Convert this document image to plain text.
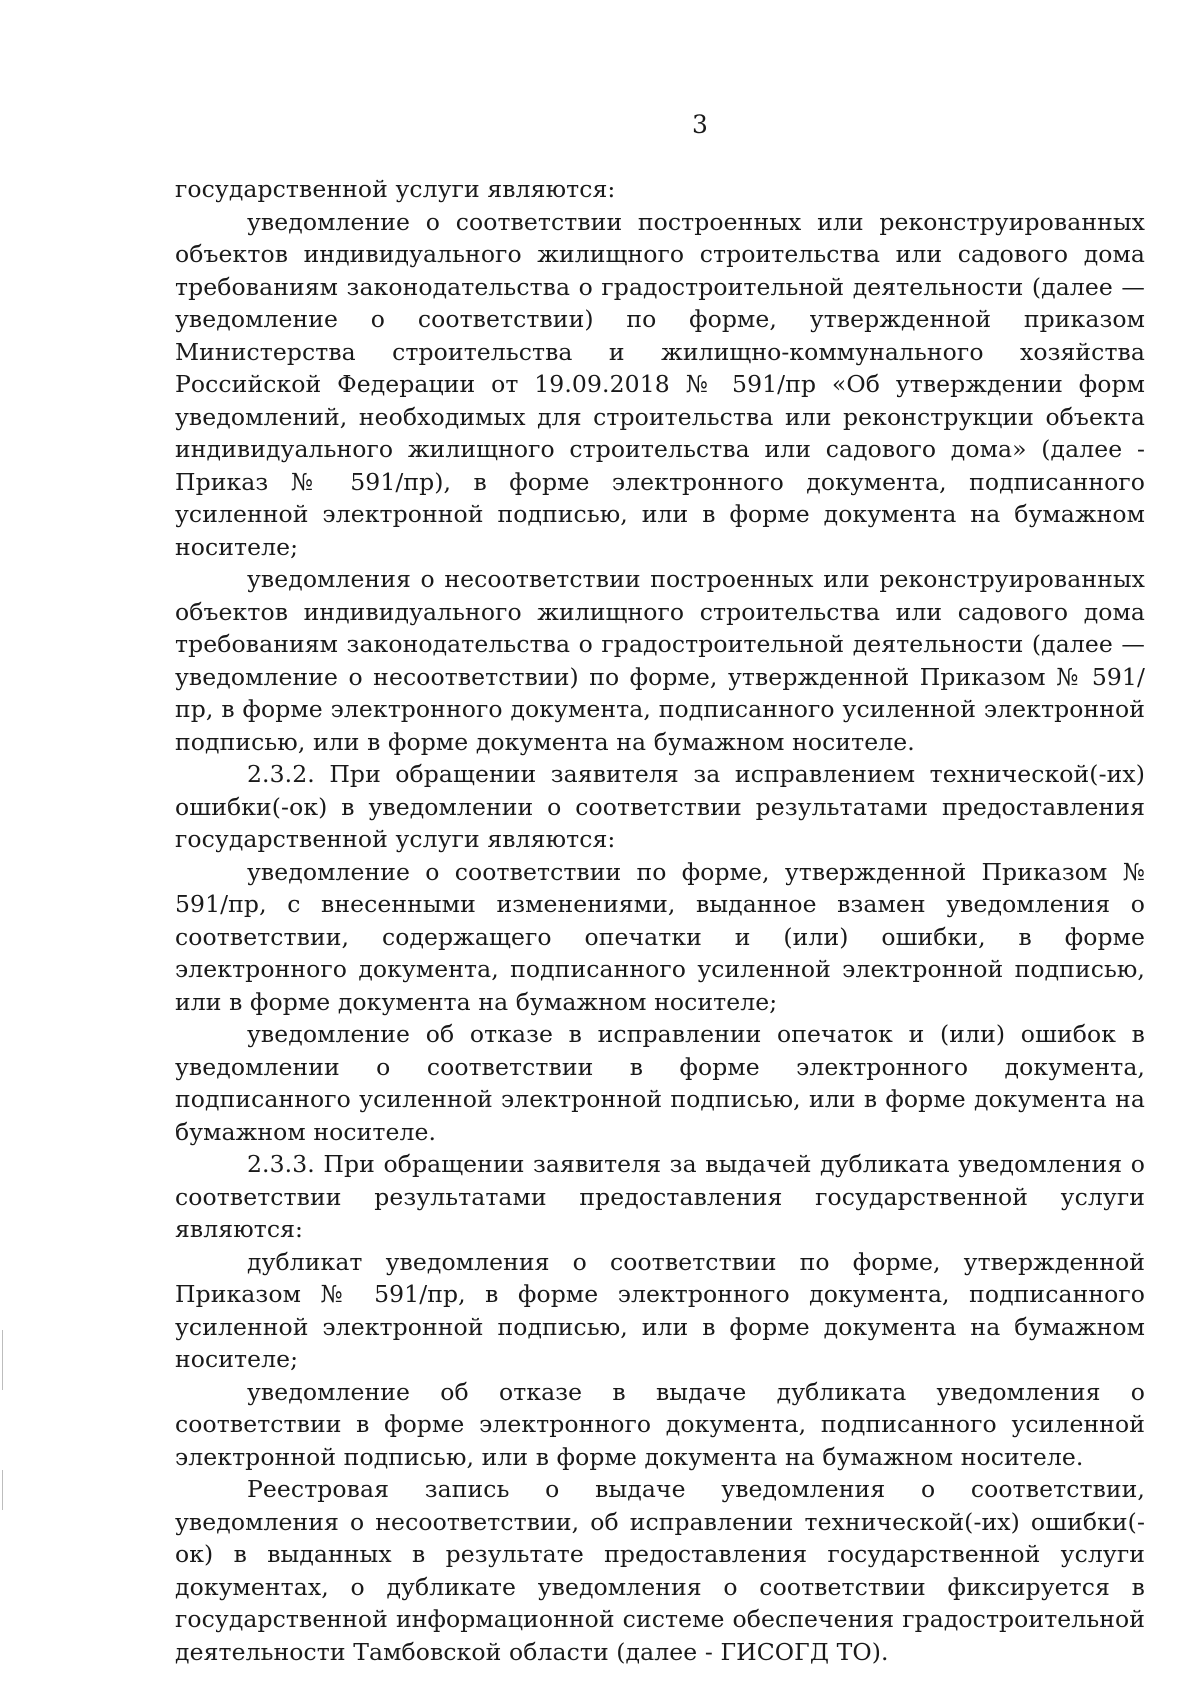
3

государственной услуги являются:

уведомление о соответствии построенных или реконструированных объектов индивидуального жилищного строительства или садового дома требованиям законодательства о градостроительной деятельности (далее — уведомление о соответствии) по форме, утвержденной приказом Министерства строительства и жилищно-коммунального хозяйства Российской Федерации от 19.09.2018 № 591/пр «Об утверждении форм уведомлений, необходимых для строительства или реконструкции объекта индивидуального жилищного строительства или садового дома» (далее - Приказ № 591/пр), в форме электронного документа, подписанного усиленной электронной подписью, или в форме документа на бумажном носителе;

уведомления о несоответствии построенных или реконструированных объектов индивидуального жилищного строительства или садового дома требованиям законодательства о градостроительной деятельности (далее — уведомление о несоответствии) по форме, утвержденной Приказом № 591/пр, в форме электронного документа, подписанного усиленной электронной подписью, или в форме документа на бумажном носителе.

2.3.2. При обращении заявителя за исправлением технической(-их) ошибки(-ок) в уведомлении о соответствии результатами предоставления государственной услуги являются:

уведомление о соответствии по форме, утвержденной Приказом № 591/пр, с внесенными изменениями, выданное взамен уведомления о соответствии, содержащего опечатки и (или) ошибки, в форме электронного документа, подписанного усиленной электронной подписью, или в форме документа на бумажном носителе;

уведомление об отказе в исправлении опечаток и (или) ошибок в уведомлении о соответствии в форме электронного документа, подписанного усиленной электронной подписью, или в форме документа на бумажном носителе.

2.3.3. При обращении заявителя за выдачей дубликата уведомления о соответствии результатами предоставления государственной услуги являются:

дубликат уведомления о соответствии по форме, утвержденной Приказом № 591/пр, в форме электронного документа, подписанного усиленной электронной подписью, или в форме документа на бумажном носителе;

уведомление об отказе в выдаче дубликата уведомления о соответствии в форме электронного документа, подписанного усиленной электронной подписью, или в форме документа на бумажном носителе.

Реестровая запись о выдаче уведомления о соответствии, уведомления о несоответствии, об исправлении технической(-их) ошибки(-ок) в выданных в результате предоставления государственной услуги документах, о дубликате уведомления о соответствии фиксируется в государственной информационной системе обеспечения градостроительной деятельности Тамбовской области (далее - ГИСОГД ТО).
